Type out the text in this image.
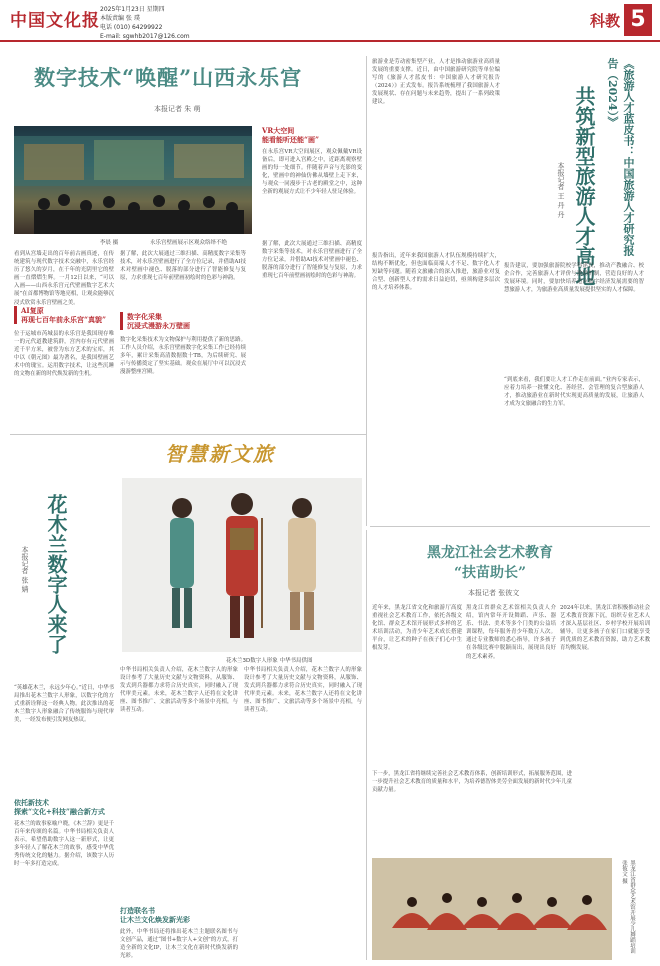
中国文化报
2025年1月23日 星期四
本版责编 张 璞
电话 (010) 64299922
E-mail: sgwhb2017@126.com
科教 5
数字技术“唤醒”山西永乐宫
本报记者 朱 萌
李晨 摄	永乐宫壁画展示区观众络绎不绝
VR大空间
能看能听还能“画”
在永乐宫VR大空间展区，观众佩戴VR设备后，即可进入宫殿之中，近距离观察壁画的每一处细节。伴随着声音与光影的变化，壁画中的神仙仿佛从墙壁上走下来，与观众一同漫步于古老的殿堂之中，这种全新的观展方式让不少年轻人驻足体验。
看到从宫墙走出的百年前古画真迹，在传统建筑与现代数字技术交融中，永乐宫经历了悠久的岁月，在千年的光阴里它的壁画一直熠熠生辉。一月12日以来，“可以入画——山西永乐宫元代壁画数字艺术大展”在首都博物馆等地亮相，让观众能够沉浸式欣赏永乐宫壁画之美。
AI复原
再现七百年前永乐宫“真貌”
位于运城市芮城县的永乐宫是我国现存唯一的元代道教建筑群，宫内存有元代壁画近千平方米，被誉为东方艺术的宝库，其中以《朝元图》最为著名，是我国壁画艺术中的瑰宝。运用数字技术，让这些沉睡的文物在新的时代焕发新的生机。
据了解，此次大展通过三维扫描、高精度数字采集等技术，对永乐宫壁画进行了全方位记录，并借助AI技术对壁画中褪色、脱落的部分进行了智能修复与复原，力求重现七百年前壁画初绘时的色彩与神韵。
数字化采集
沉浸式漫游永万壁画
数字化采集技术为文物保护与利用提供了新的思路。工作人员介绍，永乐宫壁画数字化采集工作已经持续多年，累计采集高清数据数十TB，为后续研究、展示与传播奠定了坚实基础。观众在展厅中可以沉浸式漫游整座宫殿。
据了解，此次大展通过三维扫描、高精度数字采集等技术，对永乐宫壁画进行了全方位记录，并借助AI技术对壁画中褪色、脱落的部分进行了智能修复与复原，力求重现七百年前壁画初绘时的色彩与神韵。
《旅游人才蓝皮书：中国旅游人才研究报告（2024）》
共筑新型旅游人才高地
本报记者 王 丹 丹
旅游业是劳动密集型产业，人才是推动旅游业高质量发展的重要支撑。近日，由中国旅游研究院等单位编写的《旅游人才蓝皮书：中国旅游人才研究报告（2024）》正式发布。报告系统梳理了我国旅游人才发展现状、存在问题与未来趋势，提出了一系列政策建议。
报告指出，近年来我国旅游人才队伍规模持续扩大，结构不断优化，但也面临高端人才不足、数字化人才短缺等问题。随着文旅融合的深入推进，旅游业对复合型、创新型人才的需求日益迫切，亟须构建多层次的人才培养体系。
报告建议，要加强旅游院校学科建设，推动产教融合、校企合作，完善旅游人才评价与激励机制，营造良好的人才发展环境。同时，要加快培养适应数字经济发展需要的智慧旅游人才，为旅游业高质量发展提供坚实的人才保障。
“到底来看，我们要让人才工作走在前面。”业内专家表示，应着力培养一批懂文化、善经营、会管理的复合型旅游人才，推动旅游业在新时代实现更高质量的发展，让旅游人才成为文旅融合的生力军。
智慧新文旅
花木兰数字人来了
本报记者 张 婧
花木兰3D数字人形象 中华书局供图
“英雄花木兰，永远少年心。”近日，中华书局推出花木兰数字人形象，以数字化的方式重新诠释这一经典人物。此次推出的花木兰数字人形象融合了传统服饰与现代审美，一经发布便引发网友热议。
依托新技术
探索“文化+科技”融合新方式
花木兰的故事家喻户晓，《木兰辞》更是千百年来传颂的名篇。中华书局相关负责人表示，希望借助数字人这一新形式，让更多年轻人了解花木兰的故事，感受中华优秀传统文化的魅力。据介绍，该数字人历时一年多打造完成。
中华书局相关负责人介绍，花木兰数字人的形象设计参考了大量历史文献与文物资料，从服饰、发式到兵器都力求符合历史真实，同时融入了现代审美元素。未来，花木兰数字人还将在文化讲座、图书推广、文旅活动等多个场景中亮相，与读者互动。
打造联名书
让木兰文化焕发新光彩
此外，中华书局还将推出花木兰主题联名图书与文创产品，通过“图书+数字人+文创”的方式，打造全新的文化IP，让木兰文化在新时代焕发新的光彩。
中华书局相关负责人介绍，花木兰数字人的形象设计参考了大量历史文献与文物资料，从服饰、发式到兵器都力求符合历史真实，同时融入了现代审美元素。未来，花木兰数字人还将在文化讲座、图书推广、文旅活动等多个场景中亮相，与读者互动。
黑龙江社会艺术教育
“扶苗助长”
本报记者 张彼文
近年来，黑龙江省文化和旅游厅高度重视社会艺术教育工作，依托各级文化馆、群众艺术馆开展形式多样的艺术培训活动，为青少年艺术成长搭建平台，让艺术的种子在孩子们心中生根发芽。
黑龙江省群众艺术馆相关负责人介绍，馆内常年开设舞蹈、声乐、器乐、书法、美术等多个门类的公益培训课程，每年服务青少年数万人次。通过专业教师的悉心指导，许多孩子在各级比赛中脱颖而出，展现出良好的艺术素养。
2024年以来，黑龙江省积极推动社会艺术教育资源下沉，组织专业艺术人才深入基层社区、乡村学校开展培训辅导，让更多孩子在家门口就能享受到优质的艺术教育资源，助力艺术教育均衡发展。
下一步，黑龙江省将继续完善社会艺术教育体系，创新培训形式，拓展服务范围，进一步提升社会艺术教育的质量和水平，为培养德智体美劳全面发展的新时代少年儿童贡献力量。
黑龙江省群众艺术馆开展少儿舞蹈培训 张彼文 摄
